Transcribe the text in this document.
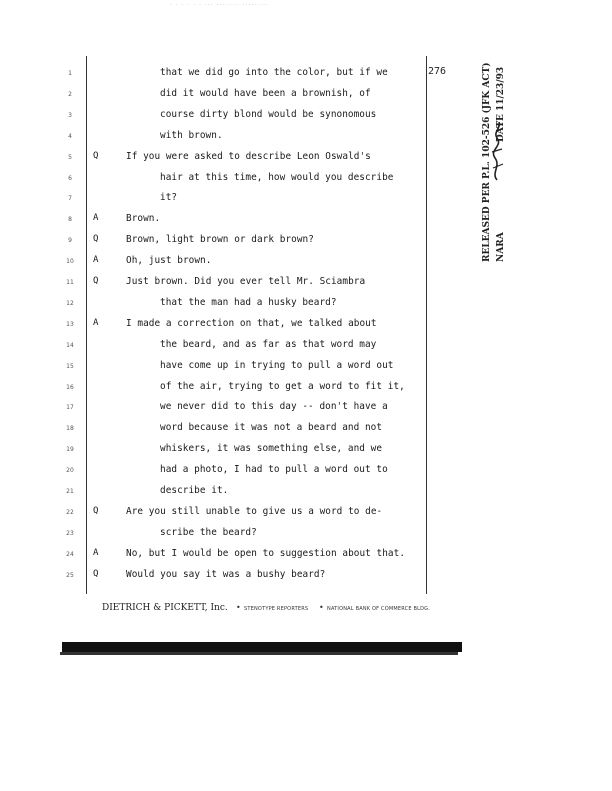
· · · · · · ··· ········ ·········
276
1	that we did go into the color, but if we
2	did it would have been a brownish, of
3	course dirty blond would be synonomous
4	with brown.
5	Q	If you were asked to describe Leon Oswald's
6	hair at this time, how would you describe
7	it?
8	A	Brown.
9	Q	Brown, light brown or dark brown?
10	A	Oh, just brown.
11	Q	Just brown. Did you ever tell Mr. Sciambra
12	that the man had a husky beard?
13	A	I made a correction on that, we talked about
14	the beard, and as far as that word may
15	have come up in trying to pull a word out
16	of the air, trying to get a word to fit it,
17	we never did to this day -- don't have a
18	word because it was not a beard and not
19	whiskers, it was something else, and we
20	had a photo, I had to pull a word out to
21	describe it.
22	Q	Are you still unable to give us a word to de-
23	scribe the beard?
24	A	No, but I would be open to suggestion about that.
25	Q	Would you say it was a bushy beard?
DIETRICH & PICKETT, Inc. • STENOTYPE REPORTERS • NATIONAL BANK OF COMMERCE BLDG.
RELEASED PER P.L. 102-526 (JFK ACT) NARA
DATE 11/23/93
